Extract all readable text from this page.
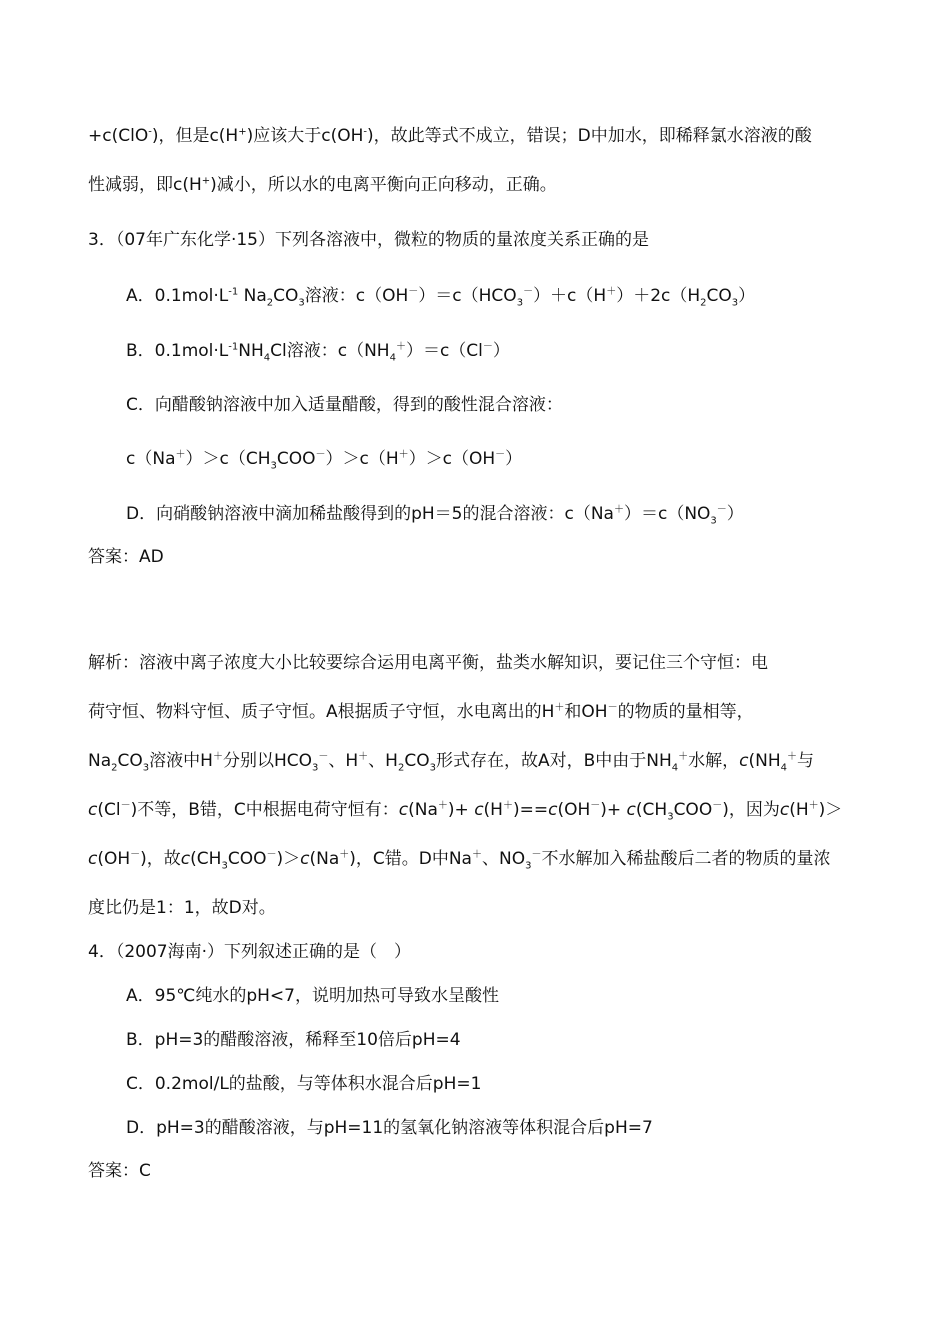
+c(ClO-)，但是c(H+)应该大于c(OH-)，故此等式不成立，错误；D中加水，即稀释氯水溶液的酸
性减弱，即c(H+)减小，所以水的电离平衡向正向移动，正确。
3．（07年广东化学·15）下列各溶液中，微粒的物质的量浓度关系正确的是
A．$0.1mol\cdot L^{-1}$ $Na_2CO_3$溶液：$c(OH^-)=c(HCO_3^-)+c(H^+)+2c(H_2CO_3)$
B．$0.1mol\cdot L^{-1}NH_4Cl$溶液：$c(NH_4^+)=c(Cl^-)$
C．向醋酸钠溶液中加入适量醋酸，得到的酸性混合溶液：
$c(Na^+)>c(CH_3COO^-)>c(H^+)>c(OH^-)$
D．向硝酸钠溶液中滴加稀盐酸得到的pH＝5的混合溶液：$c(Na^+)=c(NO_3^-)$
答案：AD
解析：溶液中离子浓度大小比较要综合运用电离平衡，盐类水解知识，要记住三个守恒：电
荷守恒、物料守恒、质子守恒。A根据质子守恒，水电离出的H＋和OH－的物质的量相等，
$Na_2CO_3$溶液中H＋分别以$HCO_3^-$、H＋、$H_2CO_3$形式存在，故A对，B中由于$NH_4^+$水解，$c(NH_4^+$与
c(Cl－)不等，B错，C中根据电荷守恒有：$c(Na^+)+ c(H^+)==c(OH^-)+ c(CH_3COO^-)$，因为c(H＋)＞
c(OH－)，故$c(CH_3COO^-)>c(Na^+)$，C错。D中Na＋、$NO_3^-$不水解加入稀盐酸后二者的物质的量浓
度比仍是1：1，故D对。
4．（2007海南·）下列叙述正确的是（　）
A．95℃纯水的pH<7，说明加热可导致水呈酸性
B．pH=3的醋酸溶液，稀释至10倍后pH=4
C．0.2mol/L的盐酸，与等体积水混合后pH=1
D．pH=3的醋酸溶液，与pH=11的氢氧化钠溶液等体积混合后pH=7
答案：C
